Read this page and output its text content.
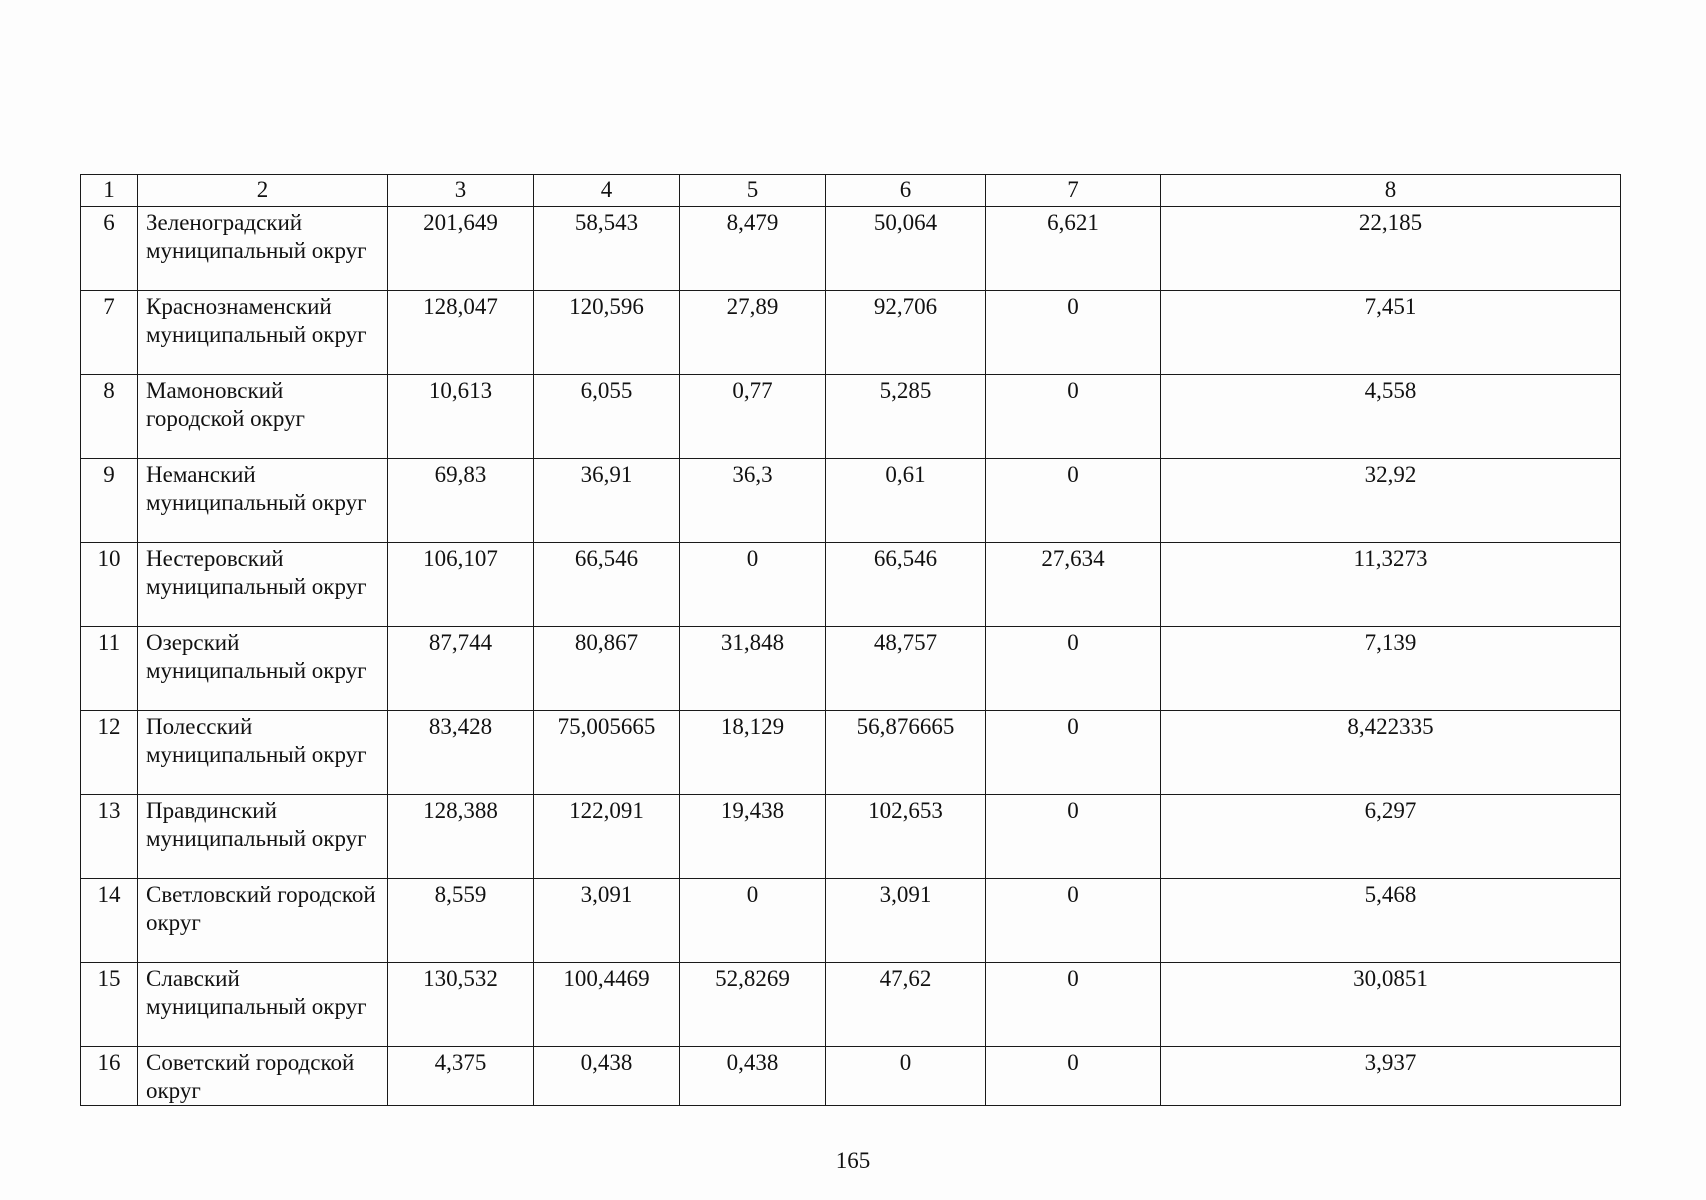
1	2	3	4	5	6	7	8
6	Зеленоградский муниципальный округ	201,649	58,543	8,479	50,064	6,621	22,185
7	Краснознаменский муниципальный округ	128,047	120,596	27,89	92,706	0	7,451
8	Мамоновский городской округ	10,613	6,055	0,77	5,285	0	4,558
9	Неманский муниципальный округ	69,83	36,91	36,3	0,61	0	32,92
10	Нестеровский муниципальный округ	106,107	66,546	0	66,546	27,634	11,3273
11	Озерский муниципальный округ	87,744	80,867	31,848	48,757	0	7,139
12	Полесский муниципальный округ	83,428	75,005665	18,129	56,876665	0	8,422335
13	Правдинский муниципальный округ	128,388	122,091	19,438	102,653	0	6,297
14	Светловский городской округ	8,559	3,091	0	3,091	0	5,468
15	Славский муниципальный округ	130,532	100,4469	52,8269	47,62	0	30,0851
16	Советский городской округ	4,375	0,438	0,438	0	0	3,937
165
